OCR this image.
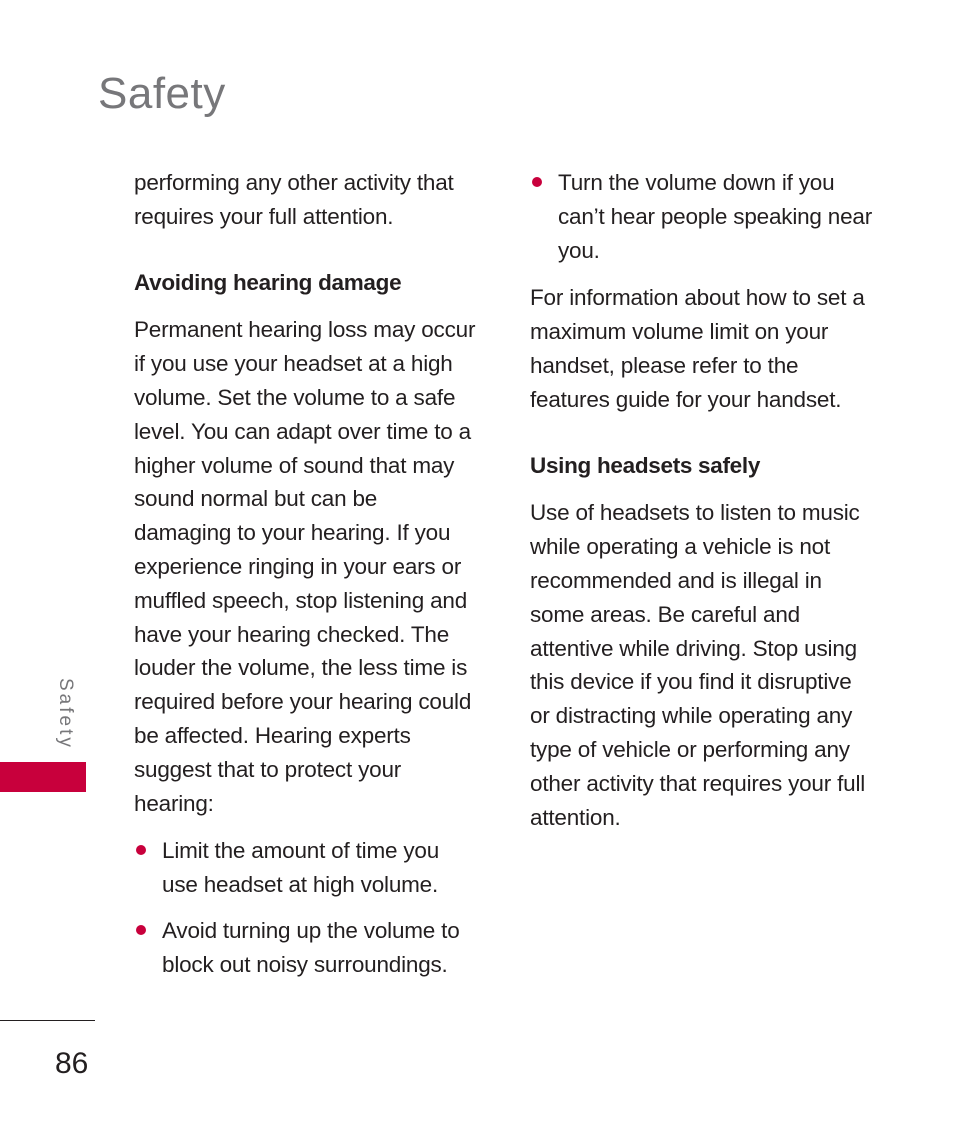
Safety
Safety

performing any other activity that requires your full attention.

Avoiding hearing damage

Permanent hearing loss may occur if you use your headset at a high volume. Set the volume to a safe level. You can adapt over time to a higher volume of sound that may sound normal but can be damaging to your hearing. If you experience ringing in your ears or muffled speech, stop listening and have your hearing checked. The louder the volume, the less time is required before your hearing could be affected. Hearing experts suggest that to protect your hearing:

Limit the amount of time you use headset at high volume.
Avoid turning up the volume to block out noisy surroundings.
Turn the volume down if you can’t hear people speaking near you.

For information about how to set a maximum volume limit on your handset, please refer to the features guide for your handset.

Using headsets safely

Use of headsets to listen to music while operating a vehicle is not recommended and is illegal in some areas. Be careful and attentive while driving. Stop using this device if you find it disruptive or distracting while operating any type of vehicle or performing any other activity that requires your full attention.

86
